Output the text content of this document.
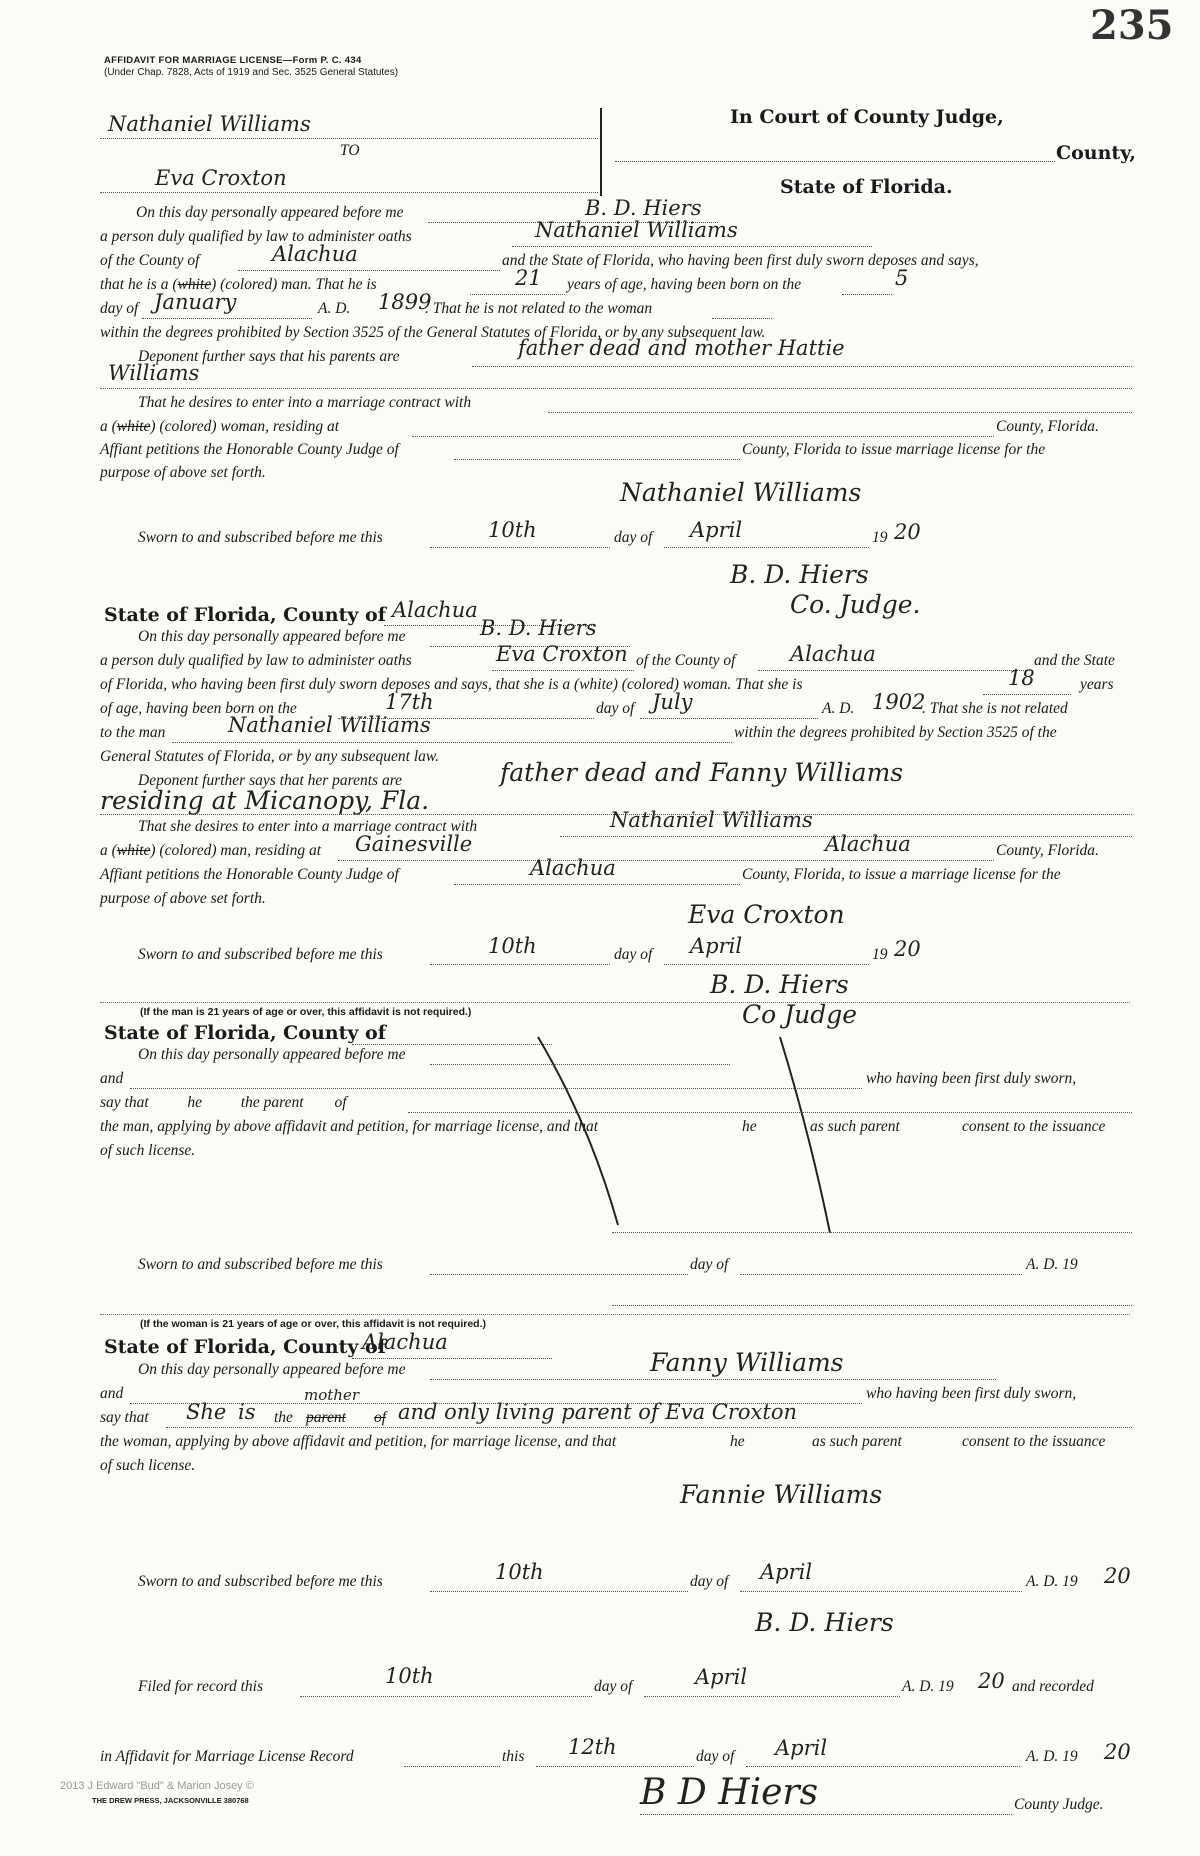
235
AFFIDAVIT FOR MARRIAGE LICENSE—Form P. C. 434
(Under Chap. 7828, Acts of 1919 and Sec. 3525 General Statutes)
Nathaniel Williams
TO
Eva Croxton
In Court of County Judge,
County,
State of Florida.
On this day personally appeared before me	B. D. Hiers
a person duly qualified by law to administer oaths	Nathaniel Williams
of the County of	Alachua	and the State of Florida, who having been first duly sworn deposes and says,
that he is a (white) (colored) man. That he is	21 years of age, having been born on the	5
day of January	A. D. 1899
. That he is not related to the woman
within the degrees prohibited by Section 3525 of the General Statutes of Florida, or by any subsequent law.
Deponent further says that his parents are	father dead and mother Hattie
Williams
That he desires to enter into a marriage contract with
a (white) (colored) woman, residing at	County, Florida.
Affiant petitions the Honorable County Judge of	County, Florida to issue marriage license for the
purpose of above set forth.
Nathaniel Williams
Sworn to and subscribed before me this	10th	day of April	19 20
B. D. Hiers
Co. Judge.
State of Florida, County of Alachua
On this day personally appeared before me	B. D. Hiers
a person duly qualified by law to administer oaths	Eva Croxton of the County of	Alachua	and the State
of Florida, who having been first duly sworn deposes and says, that she is a (white) (colored) woman. That she is	18	years
of age, having been born on the	17th	day of July	A. D. 1902
. That she is not related
to the man	Nathaniel Williams	within the degrees prohibited by Section 3525 of the
General Statutes of Florida, or by any subsequent law.
Deponent further says that her parents are	father dead and Fanny Williams
residing at Micanopy, Fla.
That she desires to enter into a marriage contract with	Nathaniel Williams
a (white) (colored) man, residing at Gainesville	Alachua	County, Florida.
Affiant petitions the Honorable County Judge of	Alachua	County, Florida, to issue a marriage license for the
purpose of above set forth.
Eva Croxton
Sworn to and subscribed before me this	10th	day of April	19 20
B. D. Hiers
Co Judge
(If the man is 21 years of age or over, this affidavit is not required.)
State of Florida, County of
On this day personally appeared before me
and	who having been first duly sworn,
say that	he	the parent of
the man, applying by above affidavit and petition, for marriage license, and that	he	as such parent	consent to the issuance
of such license.
Sworn to and subscribed before me this	day of	A. D. 19
(If the woman is 21 years of age or over, this affidavit is not required.)
State of Florida, County of
Alachua
On this day personally appeared before me	Fanny Williams
and	who having been first duly sworn,
say that She is the
mother
parent of and only living parent of Eva Croxton
the woman, applying by above affidavit and petition, for marriage license, and that	he	as such parent	consent to the issuance
of such license.
Fannie Williams
Sworn to and subscribed before me this	10th	day of April	A. D. 19 20
B. D. Hiers
Filed for record this	10th	day of	April	A. D. 19 20 and recorded
in Affidavit for Marriage License Record	this 12th	day of April	A. D. 19 20
B D Hiers	County Judge.
2013 J Edward "Bud" & Marion Josey ©
THE DREW PRESS, JACKSONVILLE 380768
